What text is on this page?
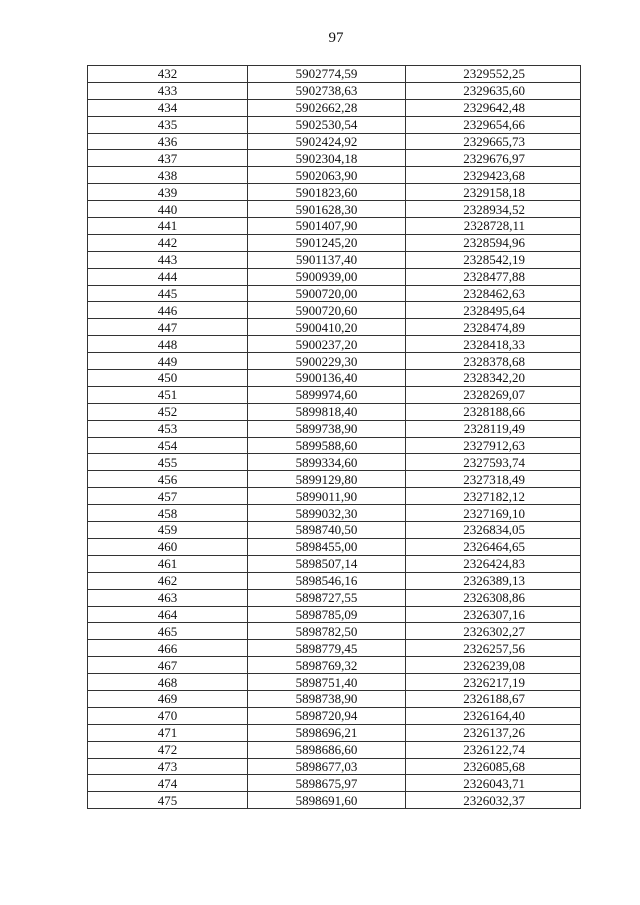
97
432	5902774,59	2329552,25
433	5902738,63	2329635,60
434	5902662,28	2329642,48
435	5902530,54	2329654,66
436	5902424,92	2329665,73
437	5902304,18	2329676,97
438	5902063,90	2329423,68
439	5901823,60	2329158,18
440	5901628,30	2328934,52
441	5901407,90	2328728,11
442	5901245,20	2328594,96
443	5901137,40	2328542,19
444	5900939,00	2328477,88
445	5900720,00	2328462,63
446	5900720,60	2328495,64
447	5900410,20	2328474,89
448	5900237,20	2328418,33
449	5900229,30	2328378,68
450	5900136,40	2328342,20
451	5899974,60	2328269,07
452	5899818,40	2328188,66
453	5899738,90	2328119,49
454	5899588,60	2327912,63
455	5899334,60	2327593,74
456	5899129,80	2327318,49
457	5899011,90	2327182,12
458	5899032,30	2327169,10
459	5898740,50	2326834,05
460	5898455,00	2326464,65
461	5898507,14	2326424,83
462	5898546,16	2326389,13
463	5898727,55	2326308,86
464	5898785,09	2326307,16
465	5898782,50	2326302,27
466	5898779,45	2326257,56
467	5898769,32	2326239,08
468	5898751,40	2326217,19
469	5898738,90	2326188,67
470	5898720,94	2326164,40
471	5898696,21	2326137,26
472	5898686,60	2326122,74
473	5898677,03	2326085,68
474	5898675,97	2326043,71
475	5898691,60	2326032,37
